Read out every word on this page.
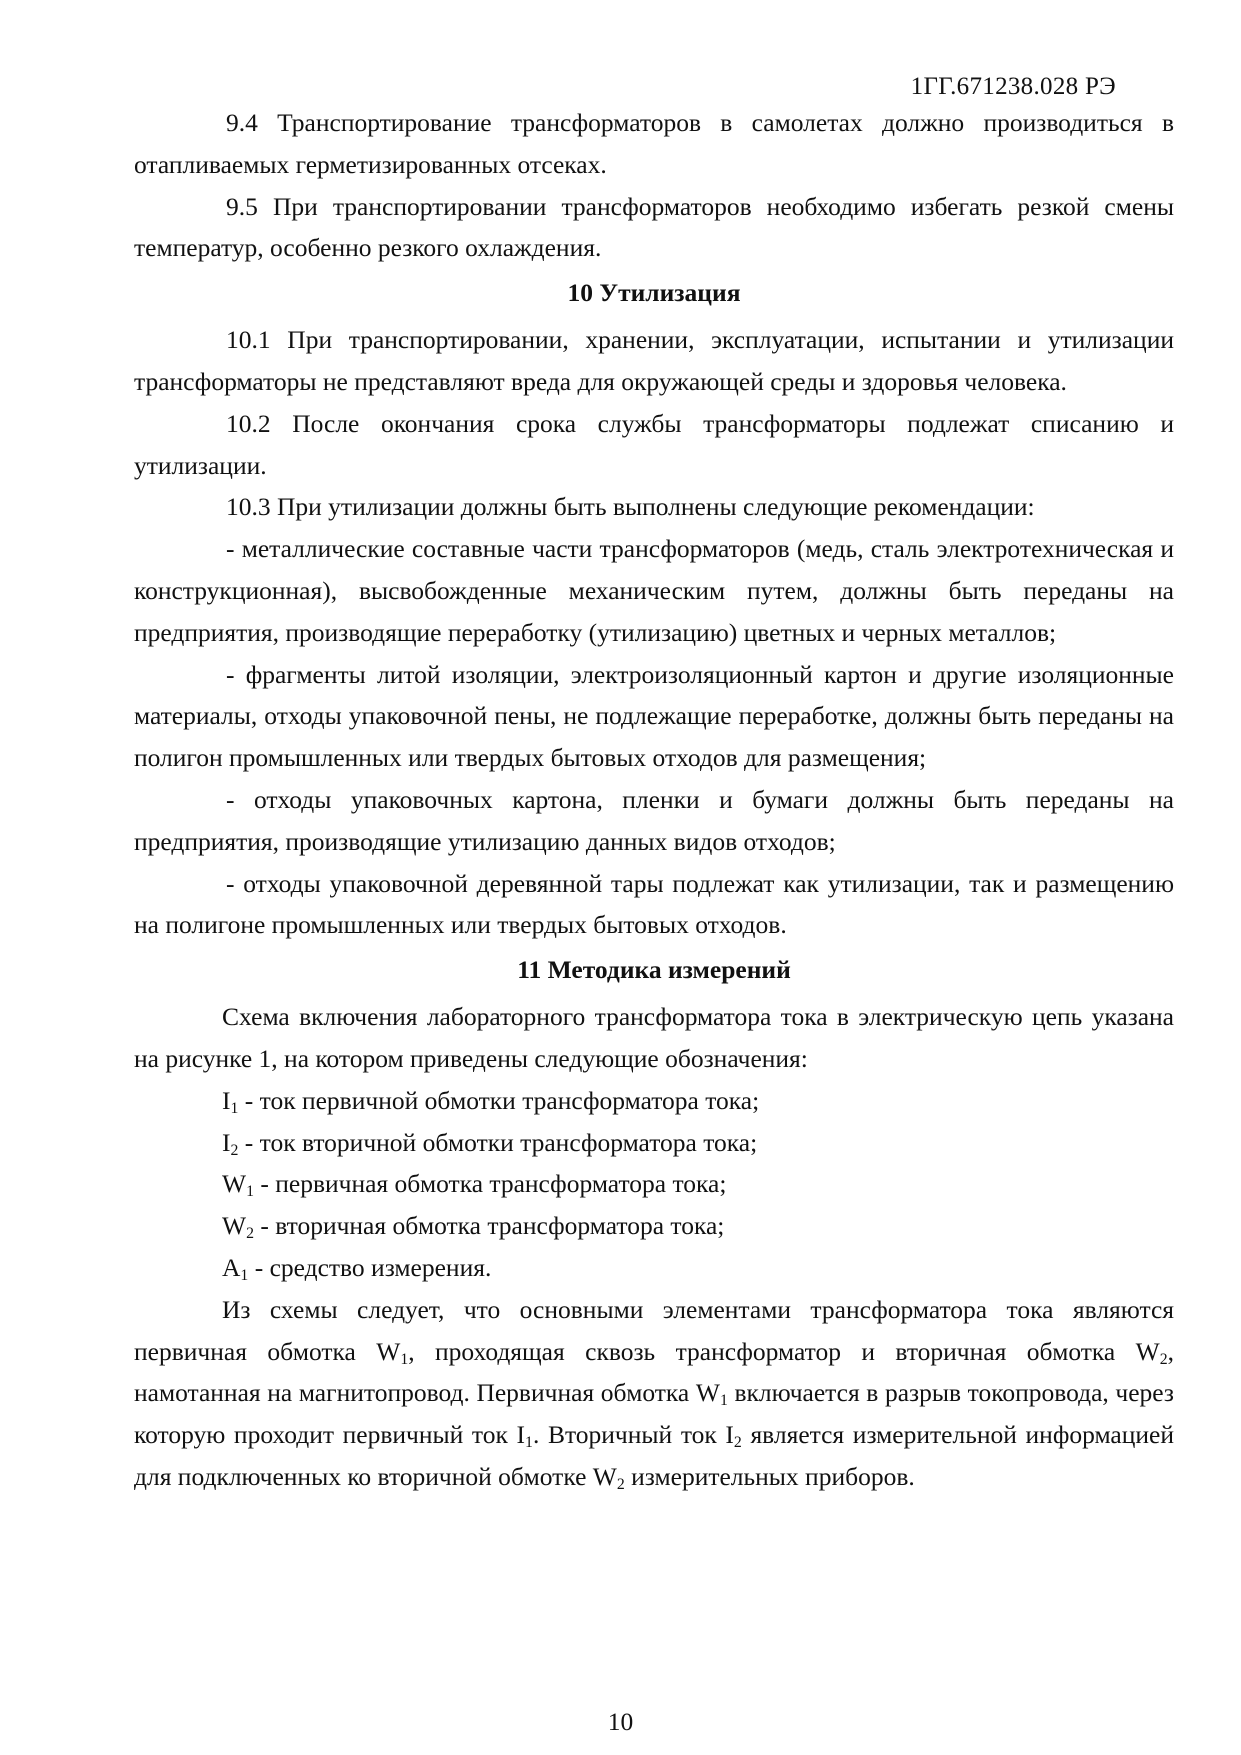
1ГГ.671238.028 РЭ

9.4 Транспортирование трансформаторов в самолетах должно производиться в отапливаемых герметизированных отсеках.

9.5 При транспортировании трансформаторов необходимо избегать резкой смены температур, особенно резкого охлаждения.

10 Утилизация

10.1 При транспортировании, хранении, эксплуатации, испытании и утилизации трансформаторы не представляют вреда для окружающей среды и здоровья человека.

10.2 После окончания срока службы трансформаторы подлежат списанию и утилизации.

10.3 При утилизации должны быть выполнены следующие рекомендации:

- металлические составные части трансформаторов (медь, сталь электротехническая и конструкционная), высвобожденные механическим путем, должны быть переданы на предприятия, производящие переработку (утилизацию) цветных и черных металлов;

- фрагменты литой изоляции, электроизоляционный картон и другие изоляционные материалы, отходы упаковочной пены, не подлежащие переработке, должны быть переданы на полигон промышленных или твердых бытовых отходов для размещения;

- отходы упаковочных картона, пленки и бумаги должны быть переданы на предприятия, производящие утилизацию данных видов отходов;

- отходы упаковочной деревянной тары подлежат как утилизации, так и размещению на полигоне промышленных или твердых бытовых отходов.

11 Методика измерений

Схема включения лабораторного трансформатора тока в электрическую цепь указана на рисунке 1, на котором приведены следующие обозначения:

$I_1$ - ток первичной обмотки трансформатора тока;

$I_2$ - ток вторичной обмотки трансформатора тока;

$W_1$ - первичная обмотка трансформатора тока;

$W_2$ - вторичная обмотка трансформатора тока;

$A_1$ - средство измерения.

Из схемы следует, что основными элементами трансформатора тока являются первичная обмотка $W_1$, проходящая сквозь трансформатор и вторичная обмотка $W_2$, намотанная на магнитопровод. Первичная обмотка $W_1$ включается в разрыв токопровода, через которую проходит первичный ток $I_1$. Вторичный ток $I_2$ является измерительной информацией для подключенных ко вторичной обмотке $W_2$ измерительных приборов.

10
